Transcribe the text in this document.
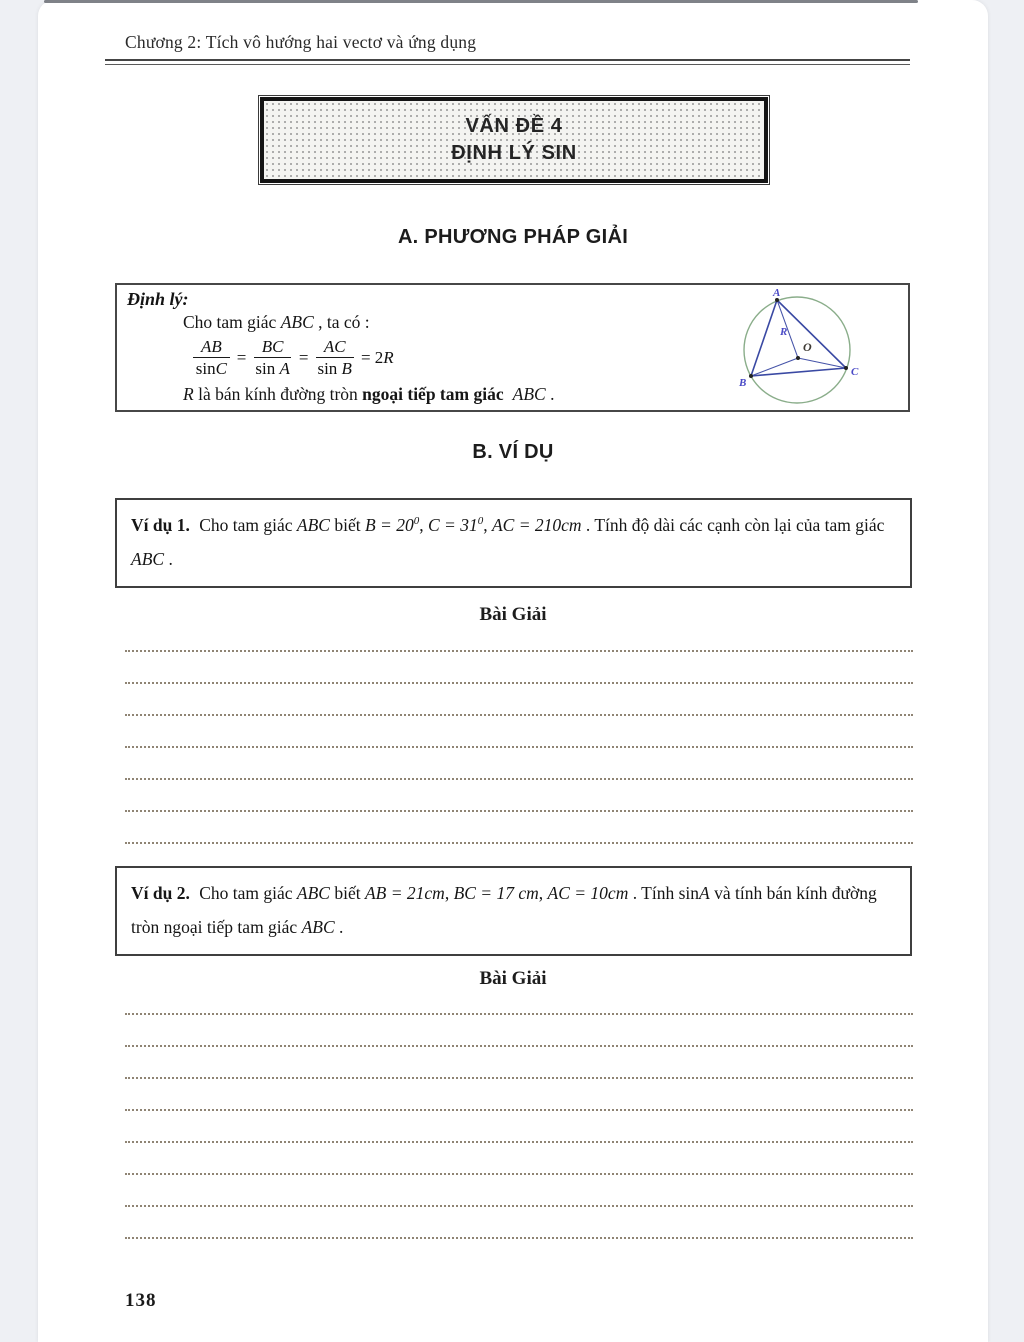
Chương 2: Tích vô hướng hai vectơ và ứng dụng
VẤN ĐỀ 4
ĐỊNH LÝ SIN
A. PHƯƠNG PHÁP GIẢI
Định lý:
Cho tam giác ABC , ta có :
$\frac{AB}{\sin C} = \frac{BC}{\text{sin A}} = \frac{AC}{\text{sin B}} = 2R$
R là bán kính đường tròn ngoại tiếp tam giác ABC .
A
B
C
O
R
B. VÍ DỤ
Ví dụ 1. Cho tam giác ABC biết $B = 20^0$, $C = 31^0$, AC = 210cm . Tính độ dài các cạnh còn lại của tam giác ABC .
Bài Giải
Ví dụ 2. Cho tam giác ABC biết AB = 21cm, BC = 17 cm, AC = 10cm . Tính sinA và tính bán kính đường tròn ngoại tiếp tam giác ABC .
Bài Giải
138
